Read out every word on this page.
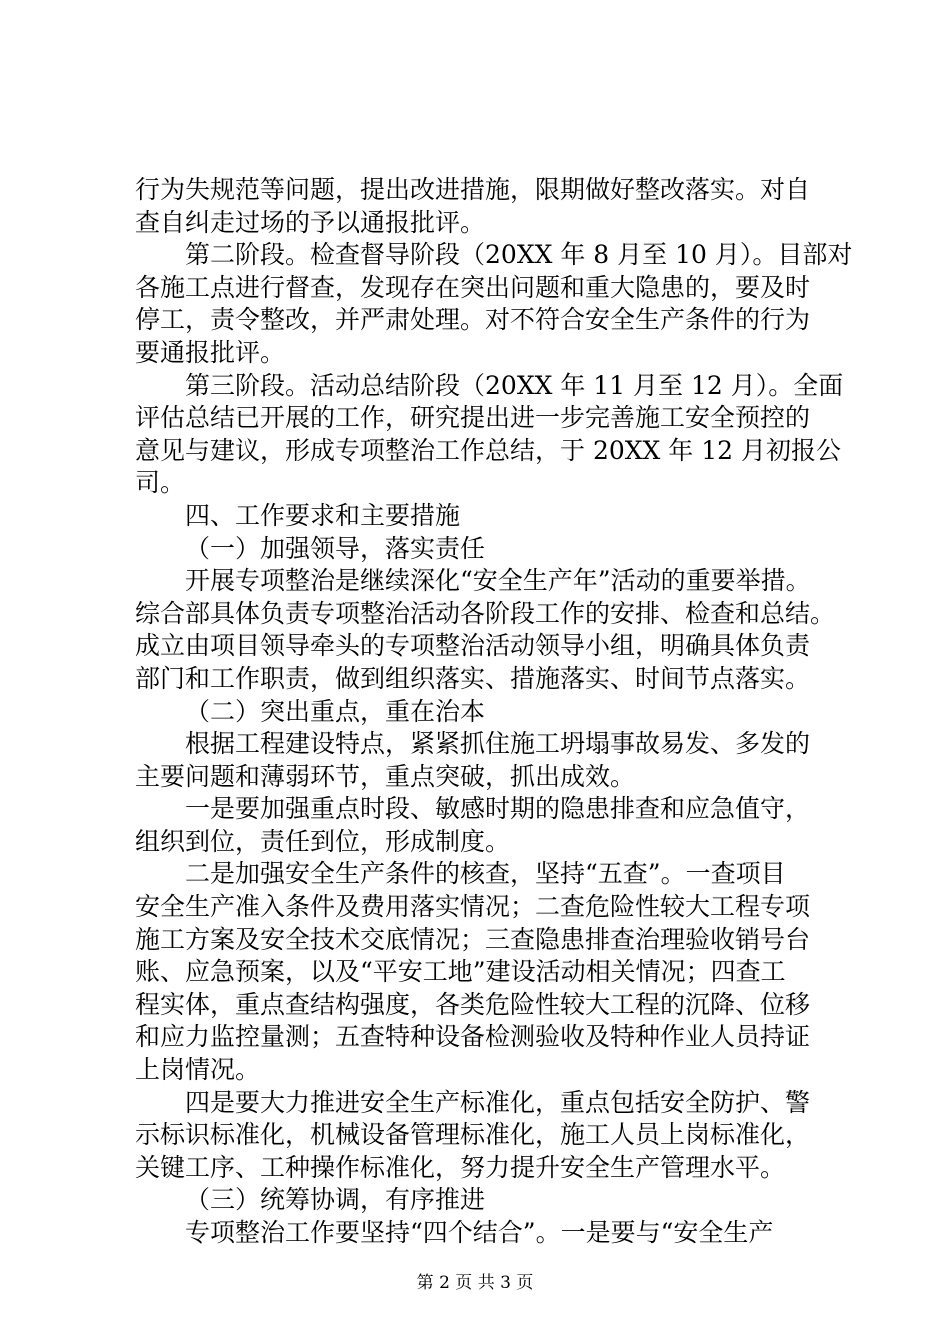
行为失规范等问题，提出改进措施，限期做好整改落实。对自
查自纠走过场的予以通报批评。
第二阶段。检查督导阶段（20XX 年 8 月至 10 月）。目部对
各施工点进行督查，发现存在突出问题和重大隐患的，要及时
停工，责令整改，并严肃处理。对不符合安全生产条件的行为
要通报批评。
第三阶段。活动总结阶段（20XX 年 11 月至 12 月）。全面
评估总结已开展的工作，研究提出进一步完善施工安全预控的
意见与建议，形成专项整治工作总结，于 20XX 年 12 月初报公
司。
四、工作要求和主要措施
（一）加强领导，落实责任
开展专项整治是继续深化“安全生产年”活动的重要举措。
综合部具体负责专项整治活动各阶段工作的安排、检查和总结。
成立由项目领导牵头的专项整治活动领导小组，明确具体负责
部门和工作职责，做到组织落实、措施落实、时间节点落实。
（二）突出重点，重在治本
根据工程建设特点，紧紧抓住施工坍塌事故易发、多发的
主要问题和薄弱环节，重点突破，抓出成效。
一是要加强重点时段、敏感时期的隐患排查和应急值守，
组织到位，责任到位，形成制度。
二是加强安全生产条件的核查，坚持“五查”。一查项目
安全生产准入条件及费用落实情况；二查危险性较大工程专项
施工方案及安全技术交底情况；三查隐患排查治理验收销号台
账、应急预案，以及“平安工地”建设活动相关情况；四查工
程实体，重点查结构强度，各类危险性较大工程的沉降、位移
和应力监控量测；五查特种设备检测验收及特种作业人员持证
上岗情况。
四是要大力推进安全生产标准化，重点包括安全防护、警
示标识标准化，机械设备管理标准化，施工人员上岗标准化，
关键工序、工种操作标准化，努力提升安全生产管理水平。
（三）统筹协调，有序推进
专项整治工作要坚持“四个结合”。一是要与“安全生产
第 2 页 共 3 页
